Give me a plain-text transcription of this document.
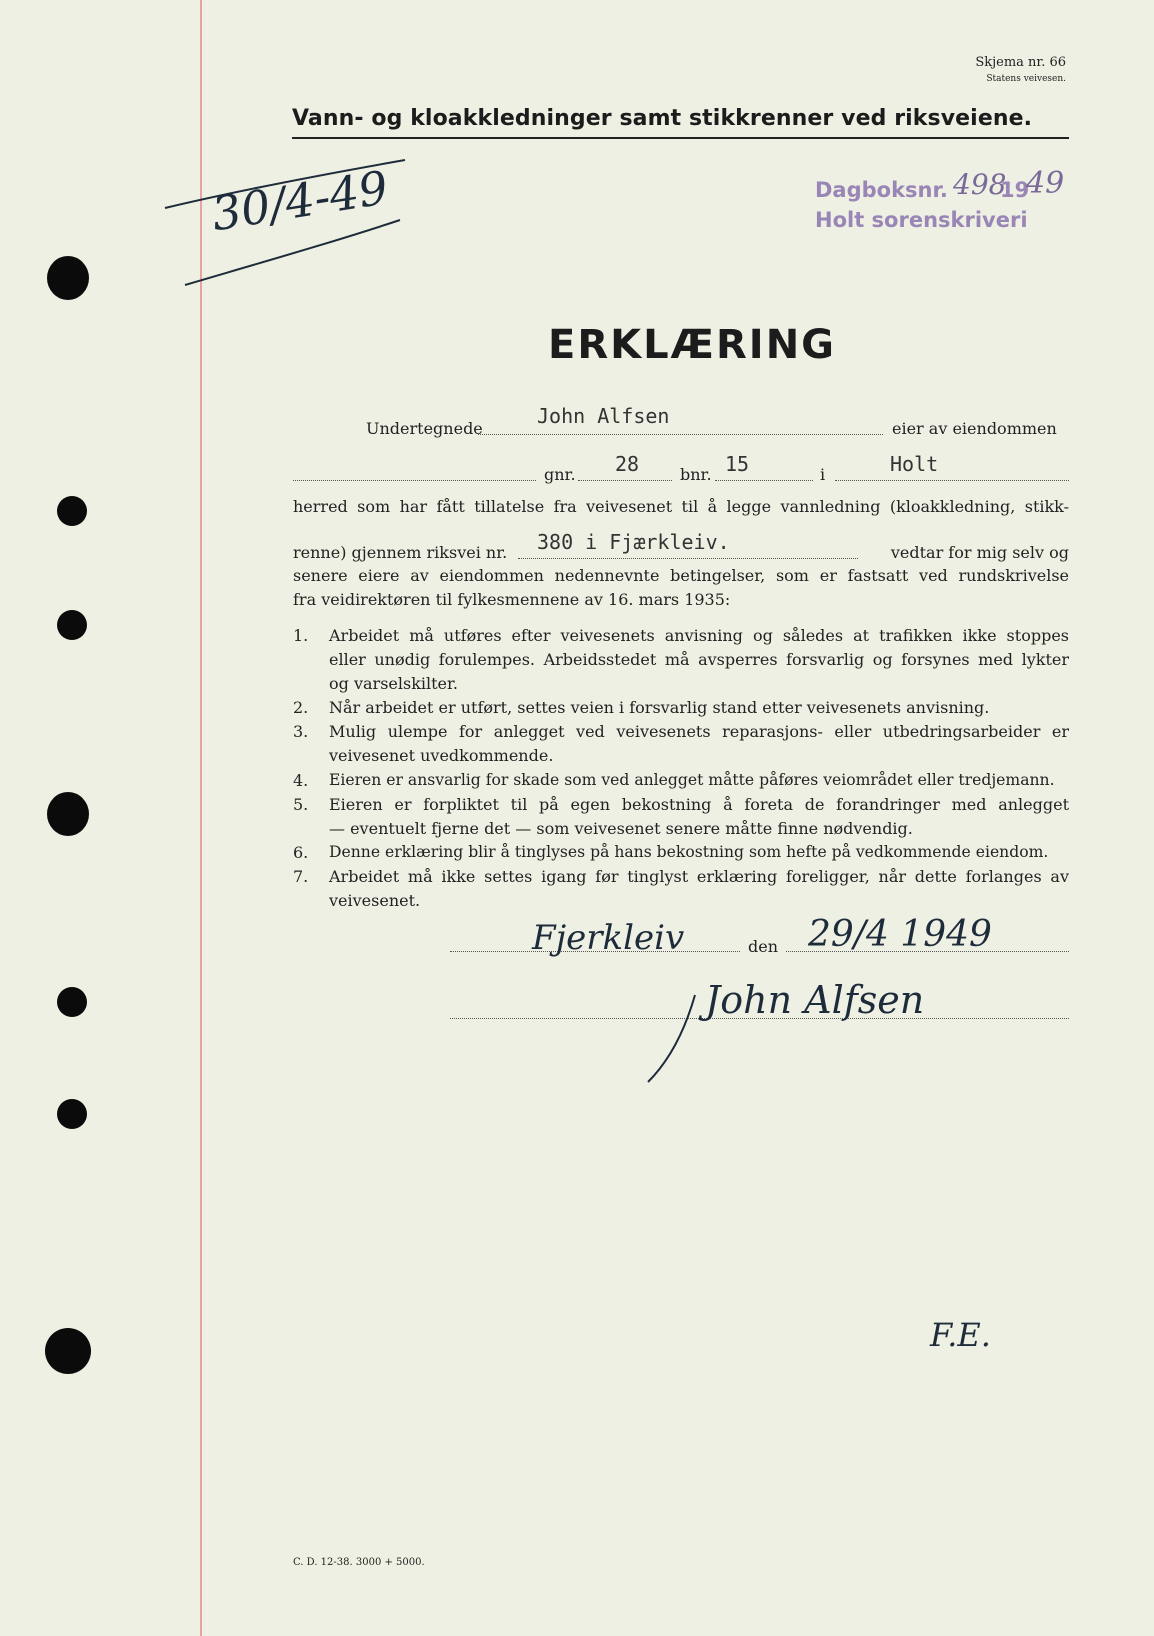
Skjema nr. 66
Statens veivesen.
Vann- og kloakkledninger samt stikkrenner ved riksveiene.
30/4-49	Dagboksnr. 498
19
49
Holt sorenskriveri
ERKLÆRING
Undertegnede
John Alfsen
eier av eiendommen
gnr. 28	bnr. 15	i	Holt
herred som har fått tillatelse fra veivesenet til å legge vannledning (kloakkledning, stikk-
renne) gjennem riksvei nr. 380 i Fjærkleiv.	vedtar for mig selv og
senere eiere av eiendommen nedennevnte betingelser, som er fastsatt ved rundskrivelse
fra veidirektøren til fylkesmennene av 16. mars 1935:
1. Arbeidet må utføres efter veivesenets anvisning og således at trafikken ikke stoppes
eller unødig forulempes. Arbeidsstedet må avsperres forsvarlig og forsynes med lykter
og varselskilter.
2. Når arbeidet er utført, settes veien i forsvarlig stand etter veivesenets anvisning.
3. Mulig ulempe for anlegget ved veivesenets reparasjons- eller utbedringsarbeider er
veivesenet uvedkommende.
4. Eieren er ansvarlig for skade som ved anlegget måtte påføres veiområdet eller tredjemann.
5. Eieren er forpliktet til på egen bekostning å foreta de forandringer med anlegget
— eventuelt fjerne det — som veivesenet senere måtte finne nødvendig.
6. Denne erklæring blir å tinglyses på hans bekostning som hefte på vedkommende eiendom.
7. Arbeidet må ikke settes igang før tinglyst erklæring foreligger, når dette forlanges av
veivesenet.
Fjerkleiv	den 29/4 1949
John Alfsen
F.E.
C. D. 12-38. 3000 + 5000.
